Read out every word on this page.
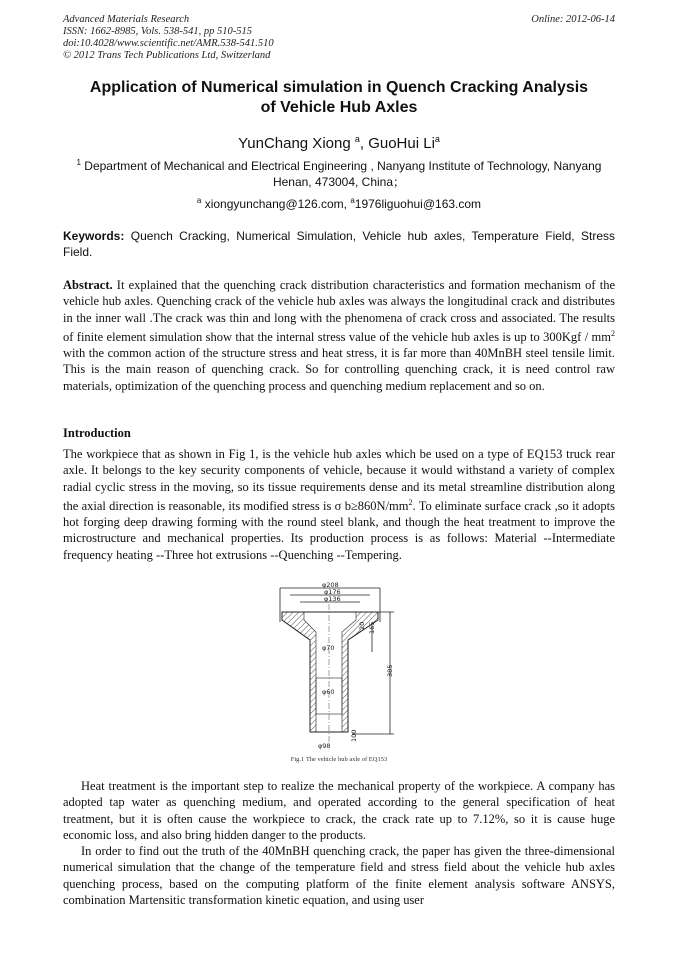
Advanced Materials Research
ISSN: 1662-8985, Vols. 538-541, pp 510-515
doi:10.4028/www.scientific.net/AMR.538-541.510
© 2012 Trans Tech Publications Ltd, Switzerland
Online: 2012-06-14
Application of Numerical simulation in Quench Cracking Analysis
of Vehicle Hub Axles
YunChang Xiong $^a$, GuoHui Li$^a$
$^1$ Department of Mechanical and Electrical Engineering , Nanyang Institute of Technology, Nanyang
Henan, 473004, China；
$^a$ xiongyunchang@126.com, $^a$1976liguohui@163.com
Keywords: Quench Cracking, Numerical Simulation, Vehicle hub axles, Temperature Field, Stress Field.
Abstract. It explained that the quenching crack distribution characteristics and formation mechanism of the vehicle hub axles. Quenching crack of the vehicle hub axles was always the longitudinal crack and distributes in the inner wall .The crack was thin and long with the phenomena of crack cross and associated. The results of finite element simulation show that the internal stress value of the vehicle hub axles is up to $300Kgf / mm^2$ with the common action of the structure stress and heat stress, it is far more than 40MnBH steel tensile limit. This is the main reason of quenching crack. So for controlling quenching crack, it is need control raw materials, optimization of the quenching process and quenching medium replacement and so on.
Introduction
The workpiece that as shown in Fig 1, is the vehicle hub axles which be used on a type of EQ153 truck rear axle. It belongs to the key security components of vehicle, because it would withstand a variety of complex radial cyclic stress in the moving, so its tissue requirements dense and its metal streamline distribution along the axial direction is reasonable, its modified stress is σ $b\ge 860N/mm^2$. To eliminate surface crack ,so it adopts hot forging deep drawing forming with the round steel blank, and though the heat treatment to improve the microstructure and mechanical properties. Its production process is as follows: Material --Intermediate frequency heating --Three hot extrusions --Quenching --Tempering.
φ208
φ176
φ136
φ70
φ60
φ98
165
385
20
100
Fig.1 The vehicle hub axle of EQ153
Heat treatment is the important step to realize the mechanical property of the workpiece. A company has adopted tap water as quenching medium, and operated according to the general specification of heat treatment, but it is often cause the workpiece to crack, the crack rate up to 7.12%, so it is cause huge economic loss, and also bring hidden danger to the products.
In order to find out the truth of the 40MnBH quenching crack, the paper has given the three-dimensional numerical simulation that the change of the temperature field and stress field about the vehicle hub axles quenching process, based on the computing platform of the finite element analysis software ANSYS, combination Martensitic transformation kinetic equation, and using user
